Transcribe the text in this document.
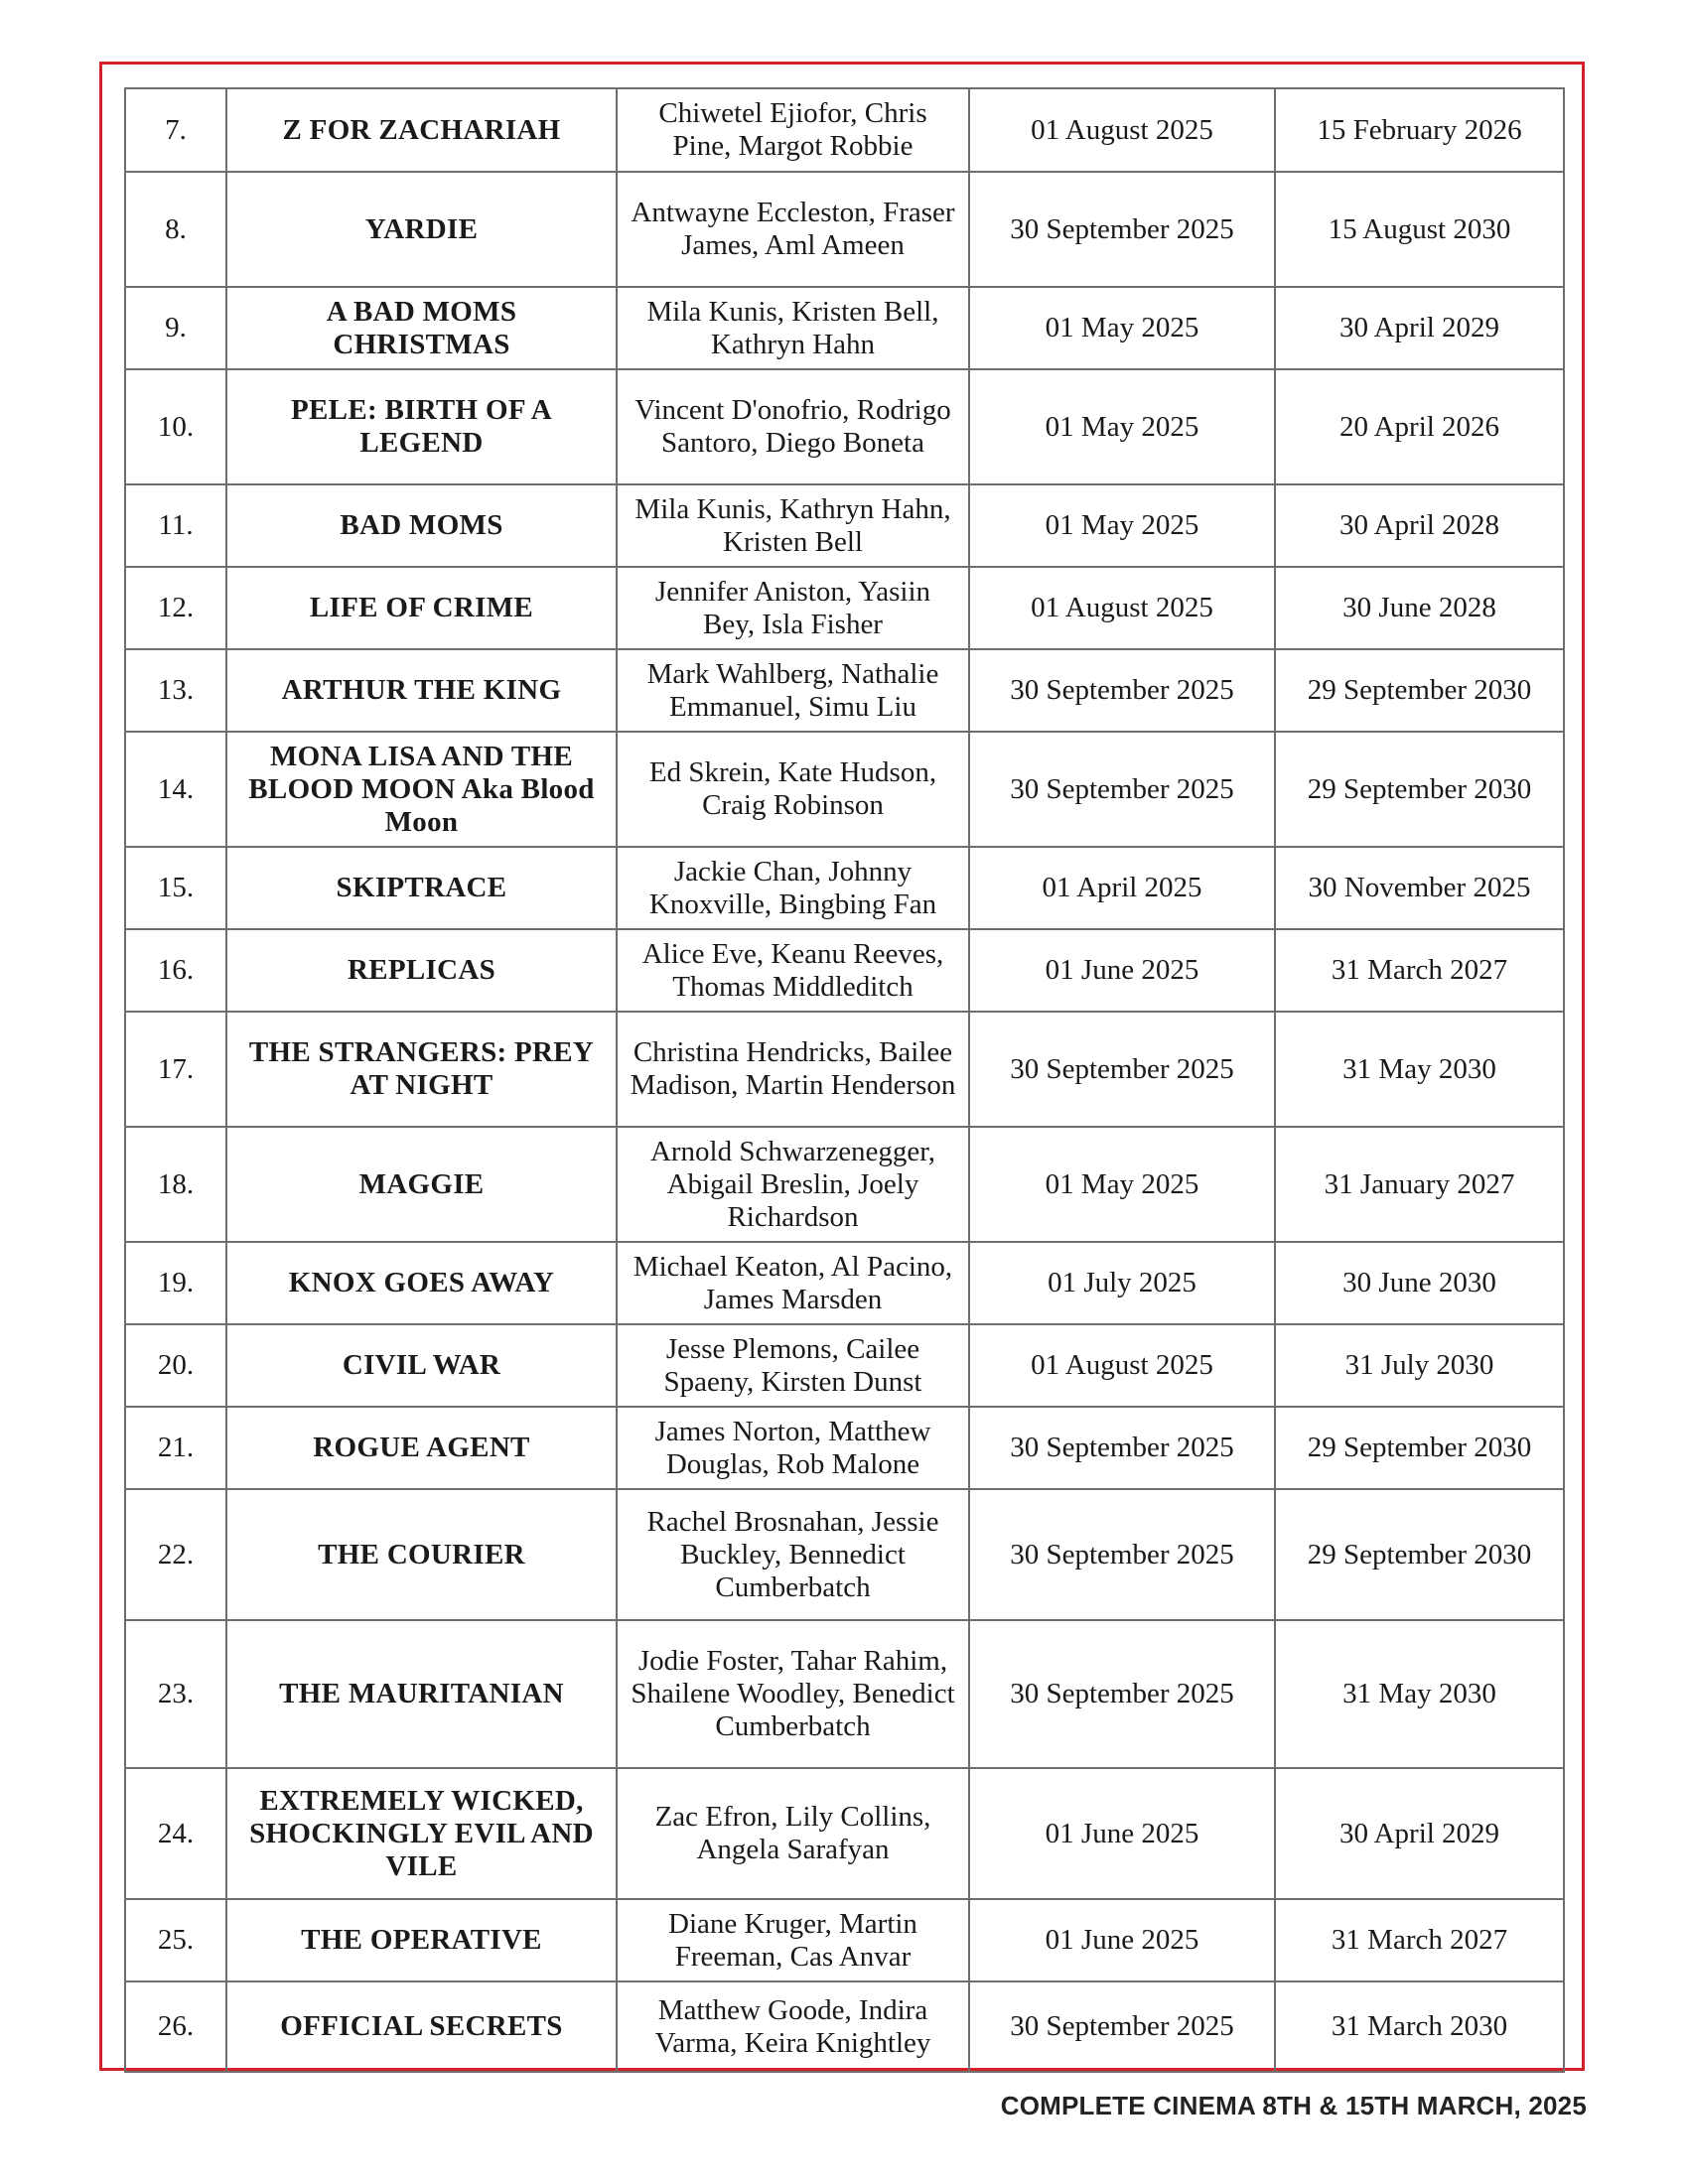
7.	Z FOR ZACHARIAH	Chiwetel Ejiofor, Chris Pine, Margot Robbie	01 August 2025	15 February 2026
8.	YARDIE	Antwayne Eccleston, Fraser James, Aml Ameen	30 September 2025	15 August 2030
9.	A BAD MOMS CHRISTMAS	Mila Kunis, Kristen Bell, Kathryn Hahn	01 May 2025	30 April 2029
10.	PELE: BIRTH OF A LEGEND	Vincent D'onofrio, Rodrigo Santoro, Diego Boneta	01 May 2025	20 April 2026
11.	BAD MOMS	Mila Kunis, Kathryn Hahn, Kristen Bell	01 May 2025	30 April 2028
12.	LIFE OF CRIME	Jennifer Aniston, Yasiin Bey, Isla Fisher	01 August 2025	30 June 2028
13.	ARTHUR THE KING	Mark Wahlberg, Nathalie Emmanuel, Simu Liu	30 September 2025	29 September 2030
14.	MONA LISA AND THE BLOOD MOON Aka Blood Moon	Ed Skrein, Kate Hudson, Craig Robinson	30 September 2025	29 September 2030
15.	SKIPTRACE	Jackie Chan, Johnny Knoxville, Bingbing Fan	01 April 2025	30 November 2025
16.	REPLICAS	Alice Eve, Keanu Reeves, Thomas Middleditch	01 June 2025	31 March 2027
17.	THE STRANGERS: PREY AT NIGHT	Christina Hendricks, Bailee Madison, Martin Henderson	30 September 2025	31 May 2030
18.	MAGGIE	Arnold Schwarzenegger, Abigail Breslin, Joely Richardson	01 May 2025	31 January 2027
19.	KNOX GOES AWAY	Michael Keaton, Al Pacino, James Marsden	01 July 2025	30 June 2030
20.	CIVIL WAR	Jesse Plemons, Cailee Spaeny, Kirsten Dunst	01 August 2025	31 July 2030
21.	ROGUE AGENT	James Norton, Matthew Douglas, Rob Malone	30 September 2025	29 September 2030
22.	THE COURIER	Rachel Brosnahan, Jessie Buckley, Bennedict Cumberbatch	30 September 2025	29 September 2030
23.	THE MAURITANIAN	Jodie Foster, Tahar Rahim, Shailene Woodley, Benedict Cumberbatch	30 September 2025	31 May 2030
24.	EXTREMELY WICKED, SHOCKINGLY EVIL AND VILE	Zac Efron, Lily Collins, Angela Sarafyan	01 June 2025	30 April 2029
25.	THE OPERATIVE	Diane Kruger, Martin Freeman, Cas Anvar	01 June 2025	31 March 2027
26.	OFFICIAL SECRETS	Matthew Goode, Indira Varma, Keira Knightley	30 September 2025	31 March 2030
COMPLETE CINEMA 8TH & 15TH MARCH, 2025
